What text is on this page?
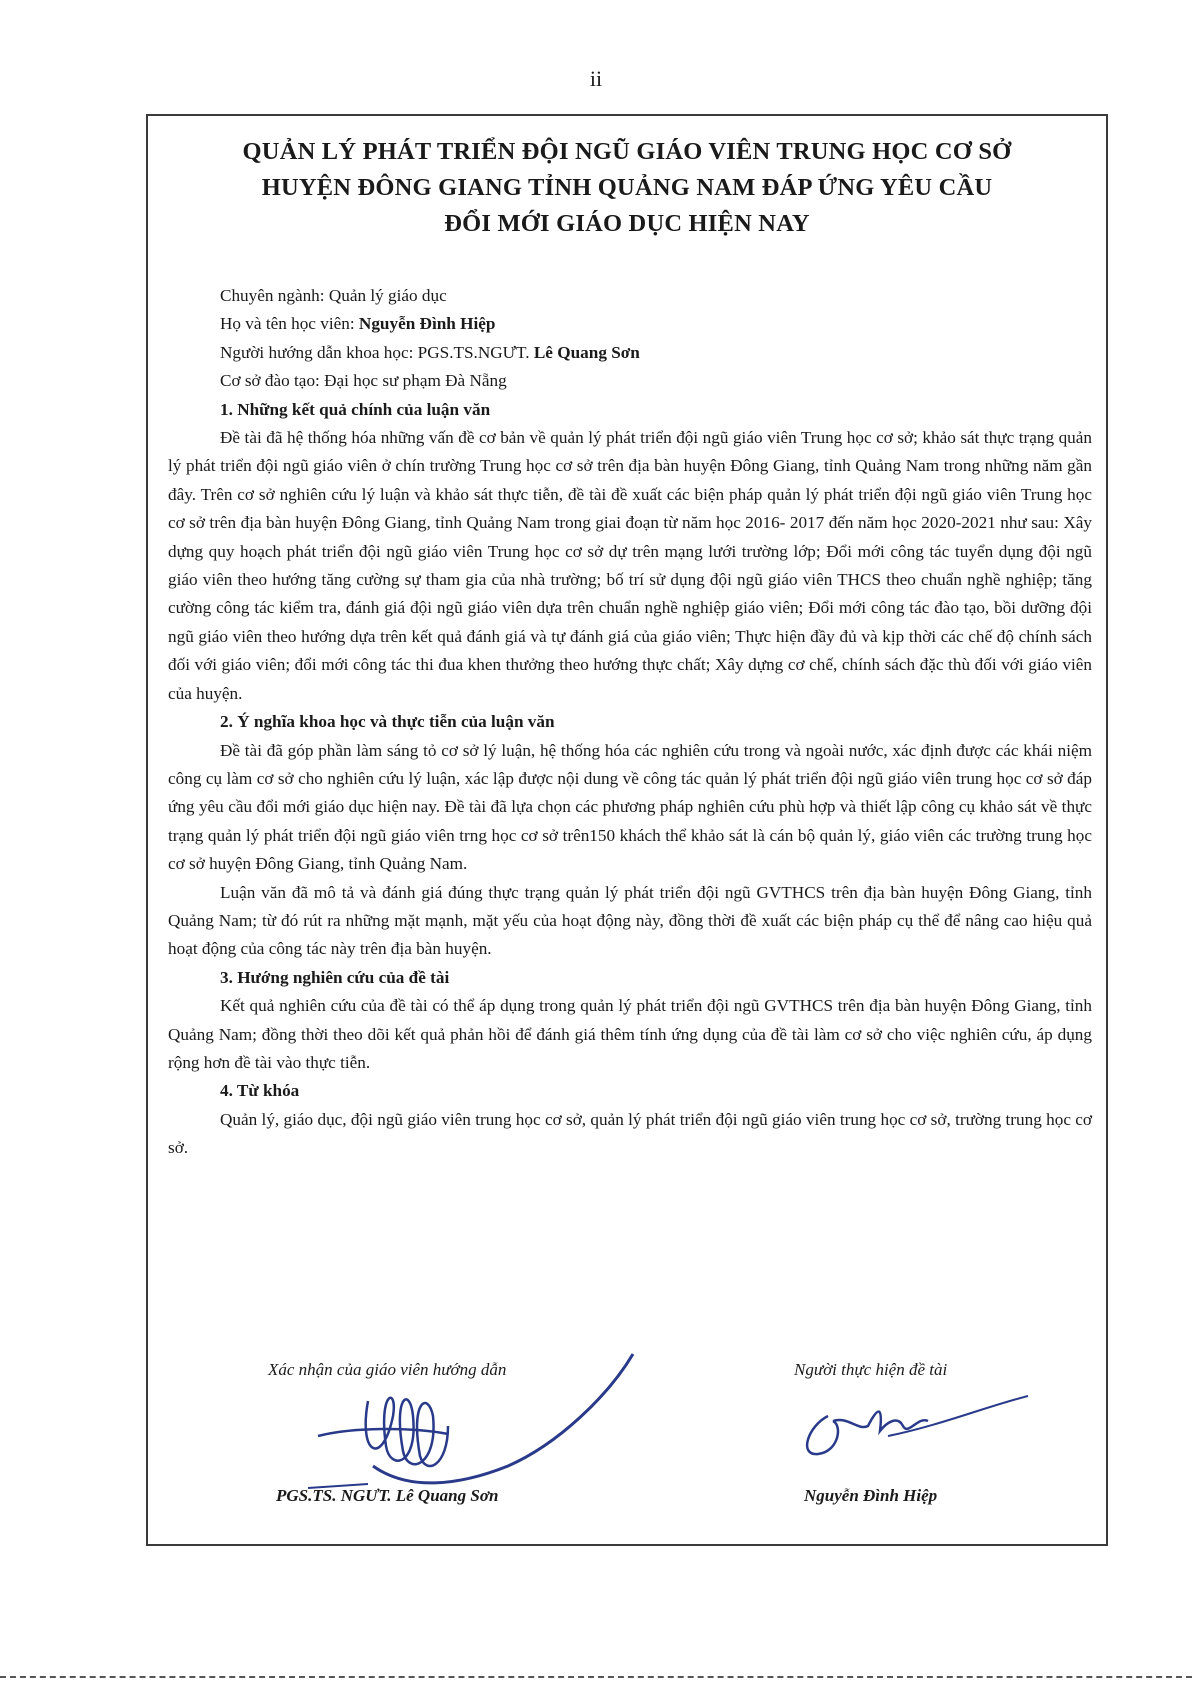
ii
QUẢN LÝ PHÁT TRIỂN ĐỘI NGŨ GIÁO VIÊN TRUNG HỌC CƠ SỞ
HUYỆN ĐÔNG GIANG TỈNH QUẢNG NAM ĐÁP ỨNG YÊU CẦU
ĐỔI MỚI GIÁO DỤC HIỆN NAY

Chuyên ngành: Quản lý giáo dục

Họ và tên học viên: Nguyễn Đình Hiệp

Người hướng dẫn khoa học: PGS.TS.NGƯT. Lê Quang Sơn

Cơ sở đào tạo: Đại học sư phạm Đà Nẵng

1. Những kết quả chính của luận văn

Đề tài đã hệ thống hóa những vấn đề cơ bản về quản lý phát triển đội ngũ giáo viên Trung học cơ sở; khảo sát thực trạng quản lý phát triển đội ngũ giáo viên ở chín trường Trung học cơ sở trên địa bàn huyện Đông Giang, tỉnh Quảng Nam trong những năm gần đây. Trên cơ sở nghiên cứu lý luận và khảo sát thực tiễn, đề tài đề xuất các biện pháp quản lý phát triển đội ngũ giáo viên Trung học cơ sở trên địa bàn huyện Đông Giang, tỉnh Quảng Nam trong giai đoạn từ năm học 2016- 2017 đến năm học 2020-2021 như sau: Xây dựng quy hoạch phát triển đội ngũ giáo viên Trung học cơ sở dự trên mạng lưới trường lớp; Đổi mới công tác tuyển dụng đội ngũ giáo viên theo hướng tăng cường sự tham gia của nhà trường; bố trí sử dụng đội ngũ giáo viên THCS theo chuẩn nghề nghiệp; tăng cường công tác kiểm tra, đánh giá đội ngũ giáo viên dựa trên chuẩn nghề nghiệp giáo viên; Đổi mới công tác đào tạo, bồi dưỡng đội ngũ giáo viên theo hướng dựa trên kết quả đánh giá và tự đánh giá của giáo viên; Thực hiện đầy đủ và kịp thời các chế độ chính sách đối với giáo viên; đổi mới công tác thi đua khen thưởng theo hướng thực chất; Xây dựng cơ chế, chính sách đặc thù đối với giáo viên của huyện.

2. Ý nghĩa khoa học và thực tiễn của luận văn

Đề tài đã góp phần làm sáng tỏ cơ sở lý luận, hệ thống hóa các nghiên cứu trong và ngoài nước, xác định được các khái niệm công cụ làm cơ sở cho nghiên cứu lý luận, xác lập được nội dung về công tác quản lý phát triển đội ngũ giáo viên trung học cơ sở đáp ứng yêu cầu đổi mới giáo dục hiện nay. Đề tài đã lựa chọn các phương pháp nghiên cứu phù hợp và thiết lập công cụ khảo sát về thực trạng quản lý phát triển đội ngũ giáo viên trng học cơ sở trên150 khách thể khảo sát là cán bộ quản lý, giáo viên các trường trung học cơ sở huyện Đông Giang, tỉnh Quảng Nam.

Luận văn đã mô tả và đánh giá đúng thực trạng quản lý phát triển đội ngũ GVTHCS trên địa bàn huyện Đông Giang, tỉnh Quảng Nam; từ đó rút ra những mặt mạnh, mặt yếu của hoạt động này, đồng thời đề xuất các biện pháp cụ thể để nâng cao hiệu quả hoạt động của công tác này trên địa bàn huyện.

3. Hướng nghiên cứu của đề tài

Kết quả nghiên cứu của đề tài có thể áp dụng trong quản lý phát triển đội ngũ GVTHCS trên địa bàn huyện Đông Giang, tỉnh Quảng Nam; đồng thời theo dõi kết quả phản hồi để đánh giá thêm tính ứng dụng của đề tài làm cơ sở cho việc nghiên cứu, áp dụng rộng hơn đề tài vào thực tiễn.

4. Từ khóa

Quản lý, giáo dục, đội ngũ giáo viên trung học cơ sở, quản lý phát triển đội ngũ giáo viên trung học cơ sở, trường trung học cơ sở.

Xác nhận của giáo viên hướng dẫn	Người thực hiện đề tài
PGS.TS. NGƯT. Lê Quang Sơn	Nguyễn Đình Hiệp
